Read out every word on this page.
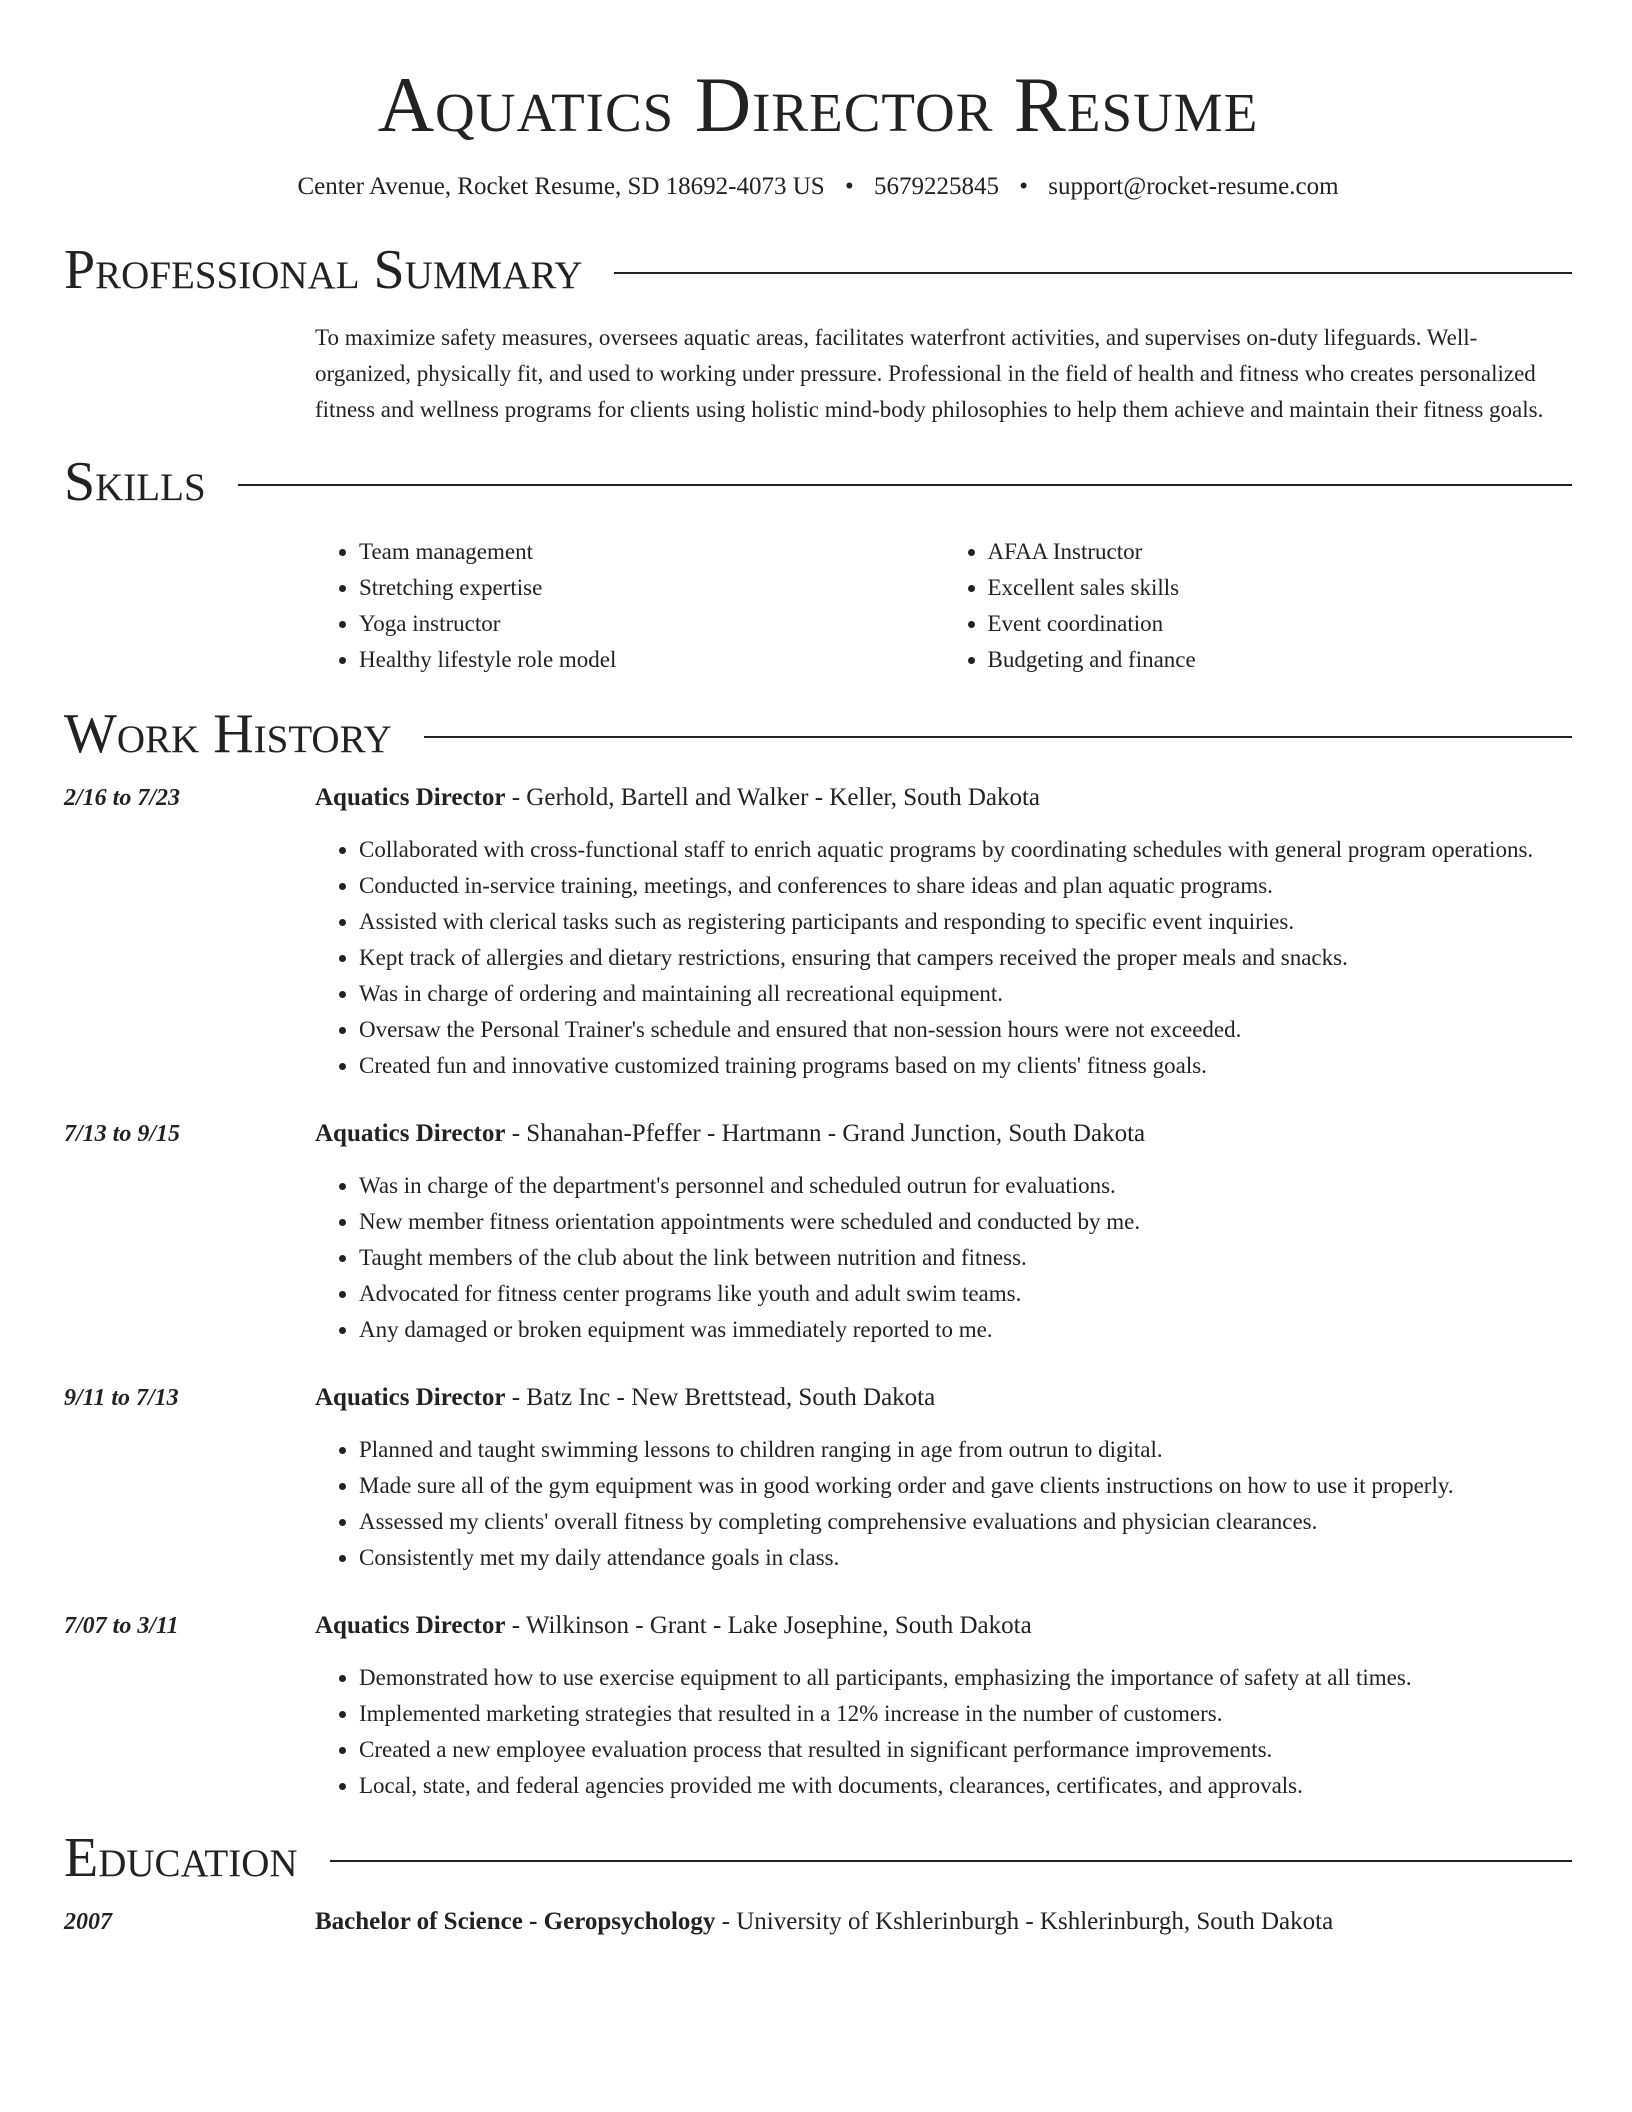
Aquatics Director Resume
Center Avenue, Rocket Resume, SD 18692-4073 US • 5679225845 • support@rocket-resume.com
Professional Summary
To maximize safety measures, oversees aquatic areas, facilitates waterfront activities, and supervises on-duty lifeguards. Well-organized, physically fit, and used to working under pressure. Professional in the field of health and fitness who creates personalized fitness and wellness programs for clients using holistic mind-body philosophies to help them achieve and maintain their fitness goals.
Skills
• Team management
• Stretching expertise
• Yoga instructor
• Healthy lifestyle role model
• AFAA Instructor
• Excellent sales skills
• Event coordination
• Budgeting and finance
Work History
2/16 to 7/23	Aquatics Director - Gerhold, Bartell and Walker - Keller, South Dakota
• Collaborated with cross-functional staff to enrich aquatic programs by coordinating schedules with general program operations.
• Conducted in-service training, meetings, and conferences to share ideas and plan aquatic programs.
• Assisted with clerical tasks such as registering participants and responding to specific event inquiries.
• Kept track of allergies and dietary restrictions, ensuring that campers received the proper meals and snacks.
• Was in charge of ordering and maintaining all recreational equipment.
• Oversaw the Personal Trainer's schedule and ensured that non-session hours were not exceeded.
• Created fun and innovative customized training programs based on my clients' fitness goals.
7/13 to 9/15	Aquatics Director - Shanahan-Pfeffer - Hartmann - Grand Junction, South Dakota
• Was in charge of the department's personnel and scheduled outrun for evaluations.
• New member fitness orientation appointments were scheduled and conducted by me.
• Taught members of the club about the link between nutrition and fitness.
• Advocated for fitness center programs like youth and adult swim teams.
• Any damaged or broken equipment was immediately reported to me.
9/11 to 7/13	Aquatics Director - Batz Inc - New Brettstead, South Dakota
• Planned and taught swimming lessons to children ranging in age from outrun to digital.
• Made sure all of the gym equipment was in good working order and gave clients instructions on how to use it properly.
• Assessed my clients' overall fitness by completing comprehensive evaluations and physician clearances.
• Consistently met my daily attendance goals in class.
7/07 to 3/11	Aquatics Director - Wilkinson - Grant - Lake Josephine, South Dakota
• Demonstrated how to use exercise equipment to all participants, emphasizing the importance of safety at all times.
• Implemented marketing strategies that resulted in a 12% increase in the number of customers.
• Created a new employee evaluation process that resulted in significant performance improvements.
• Local, state, and federal agencies provided me with documents, clearances, certificates, and approvals.
Education
2007	Bachelor of Science - Geropsychology - University of Kshlerinburgh - Kshlerinburgh, South Dakota
